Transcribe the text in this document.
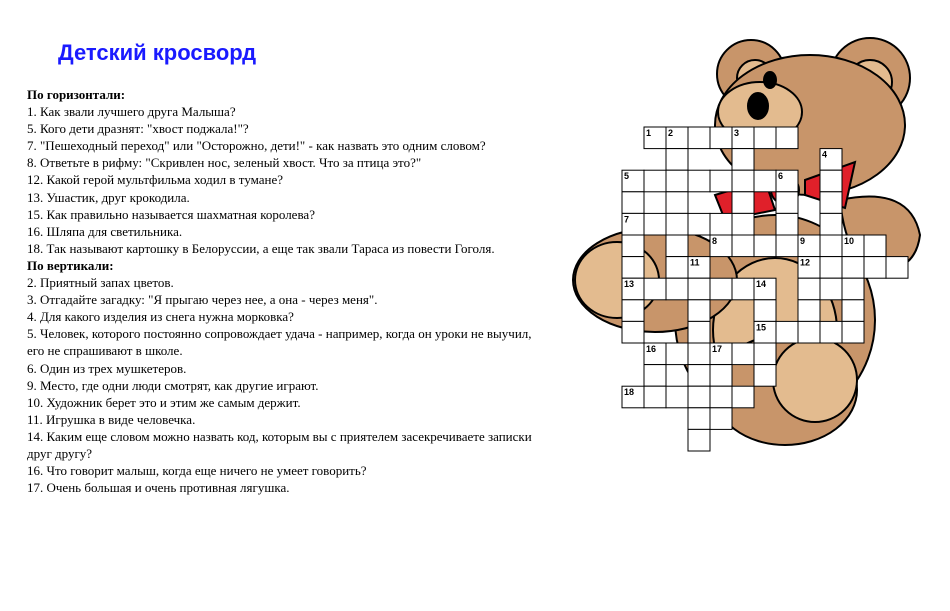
Детский кросворд
По горизонтали:

1. Как звали лучшего друга Малыша?

5. Кого дети дразнят: "хвост поджала!"?

7. "Пешеходный переход" или "Осторожно, дети!" - как назвать это одним словом?

8. Ответьте в рифму: "Скривлен нос, зеленый хвост. Что за птица это?"

12. Какой герой мультфильма ходил в тумане?

13. Ушастик, друг крокодила.

15. Как правильно называется шахматная королева?

16. Шляпа для светильника.

18. Так называют картошку в Белоруссии, а еще так звали Тараса из повести Гоголя.

По вертикали:

2. Приятный запах цветов.

3. Отгадайте загадку: "Я прыгаю через нее, а она - через меня".

4. Для какого изделия из снега нужна морковка?

5. Человек, которого постоянно сопровождает удача - например, когда он уроки не выучил, его не спрашивают в школе.

6. Один из трех мушкетеров.

9. Место, где одни люди смотрят, как другие играют.

10. Художник берет это и этим же самым держит.

11. Игрушка в виде человечка.

14. Каким еще словом можно назвать код, которым вы с приятелем засекречиваете записки друг другу?

16. Что говорит малыш, когда еще ничего не умеет говорить?

17. Очень большая и очень противная лягушка.

1 2	3
4
5	6
7
8	9	10
11	12
13	14
15
16	17
18
